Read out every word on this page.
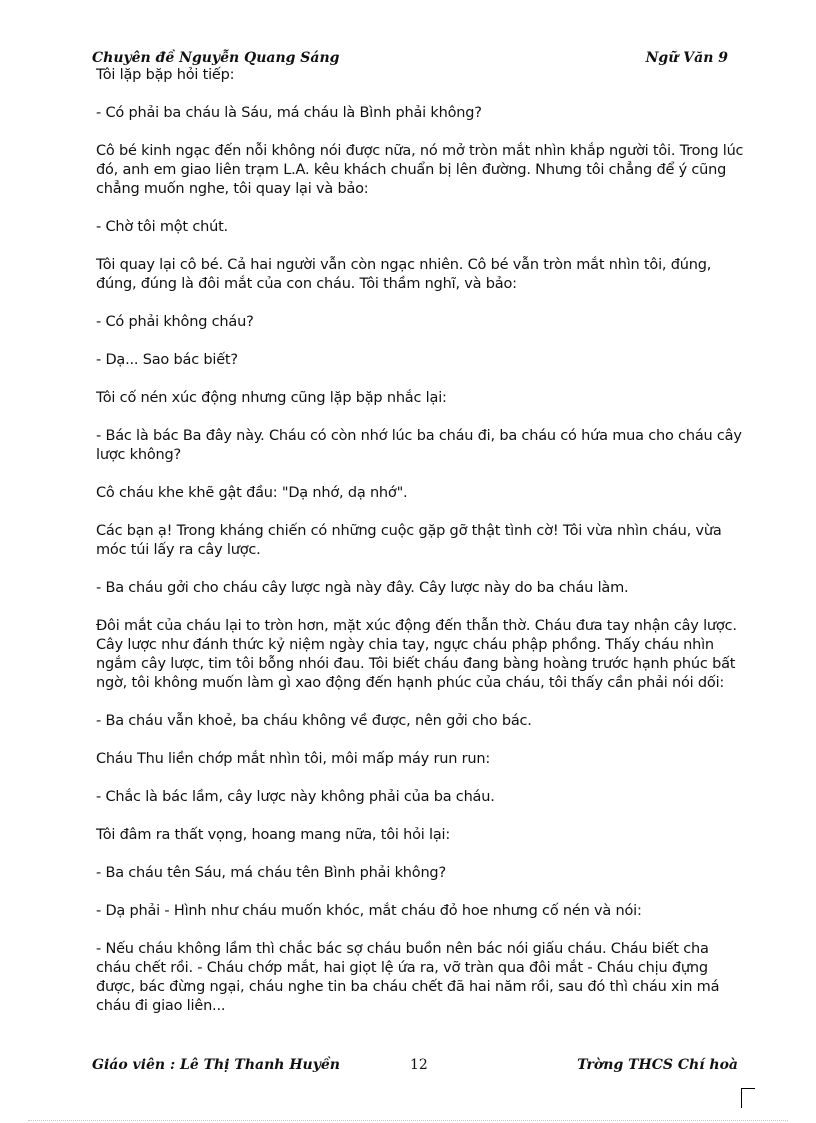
Chuyên đề Nguyễn Quang Sáng	Ngữ Văn 9

Tôi lặp bặp hỏi tiếp:

- Có phải ba cháu là Sáu, má cháu là Bình phải không?

Cô bé kinh ngạc đến nỗi không nói được nữa, nó mở tròn mắt nhìn khắp người tôi. Trong lúc đó, anh em giao liên trạm L.A. kêu khách chuẩn bị lên đường. Nhưng tôi chẳng để ý cũng chẳng muốn nghe, tôi quay lại và bảo:

- Chờ tôi một chút.

Tôi quay lại cô bé. Cả hai người vẫn còn ngạc nhiên. Cô bé vẫn tròn mắt nhìn tôi, đúng, đúng, đúng là đôi mắt của con cháu. Tôi thầm nghĩ, và bảo:

- Có phải không cháu?

- Dạ... Sao bác biết?

Tôi cố nén xúc động nhưng cũng lặp bặp nhắc lại:

- Bác là bác Ba đây này. Cháu có còn nhớ lúc ba cháu đi, ba cháu có hứa mua cho cháu cây lược không?

Cô cháu khe khẽ gật đầu: "Dạ nhớ, dạ nhớ".

Các bạn ạ! Trong kháng chiến có những cuộc gặp gỡ thật tình cờ! Tôi vừa nhìn cháu, vừa móc túi lấy ra cây lược.

- Ba cháu gởi cho cháu cây lược ngà này đây. Cây lược này do ba cháu làm.

Đôi mắt của cháu lại to tròn hơn, mặt xúc động đến thẫn thờ. Cháu đưa tay nhận cây lược. Cây lược như đánh thức kỷ niệm ngày chia tay, ngực cháu phập phồng. Thấy cháu nhìn ngắm cây lược, tim tôi bỗng nhói đau. Tôi biết cháu đang bàng hoàng trước hạnh phúc bất ngờ, tôi không muốn làm gì xao động đến hạnh phúc của cháu, tôi thấy cần phải nói dối:

- Ba cháu vẫn khoẻ, ba cháu không về được, nên gởi cho bác.

Cháu Thu liền chớp mắt nhìn tôi, môi mấp máy run run:

- Chắc là bác lầm, cây lược này không phải của ba cháu.

Tôi đâm ra thất vọng, hoang mang nữa, tôi hỏi lại:

- Ba cháu tên Sáu, má cháu tên Bình phải không?

- Dạ phải - Hình như cháu muốn khóc, mắt cháu đỏ hoe nhưng cố nén và nói:

- Nếu cháu không lầm thì chắc bác sợ cháu buồn nên bác nói giấu cháu. Cháu biết cha cháu chết rồi. - Cháu chớp mắt, hai giọt lệ ứa ra, vỡ tràn qua đôi mắt - Cháu chịu đựng được, bác đừng ngại, cháu nghe tin ba cháu chết đã hai năm rồi, sau đó thì cháu xin má cháu đi giao liên...

Giáo viên : Lê Thị Thanh Huyền	12	Trờng THCS Chí hoà
